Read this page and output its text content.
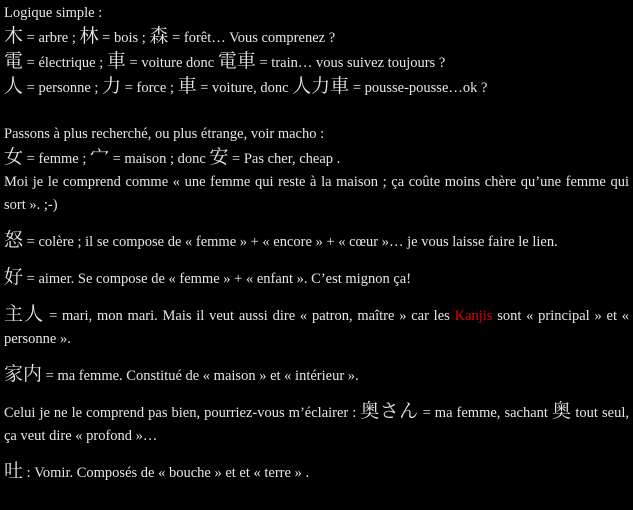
Logique simple :
木 = arbre ; 林 = bois ; 森 = forêt… Vous comprenez ?
電 = électrique ; 車 = voiture donc 電車 = train… vous suivez toujours ?
人 = personne ; 力 = force ; 車 = voiture, donc 人力車 = pousse-pousse…ok ?
Passons à plus recherché, ou plus étrange, voir macho :
女 = femme ; 宀 = maison ; donc 安 = Pas cher, cheap .
Moi je le comprend comme « une femme qui reste à la maison ; ça coûte moins chère qu’une femme qui sort ». ;-)
怒 = colère ; il se compose de « femme » + « encore » + « cœur »… je vous laisse faire le lien.
好 = aimer. Se compose de « femme » + « enfant ». C’est mignon ça!
主人 = mari, mon mari. Mais il veut aussi dire « patron, maître » car les Kanjis sont « principal » et « personne ».
家内 = ma femme. Constitué de « maison » et « intérieur ».
Celui je ne le comprend pas bien, pourriez-vous m’éclairer : 奥さん = ma femme, sachant 奥 tout seul, ça veut dire « profond »…
吐 : Vomir. Composés de « bouche » et et « terre » .
